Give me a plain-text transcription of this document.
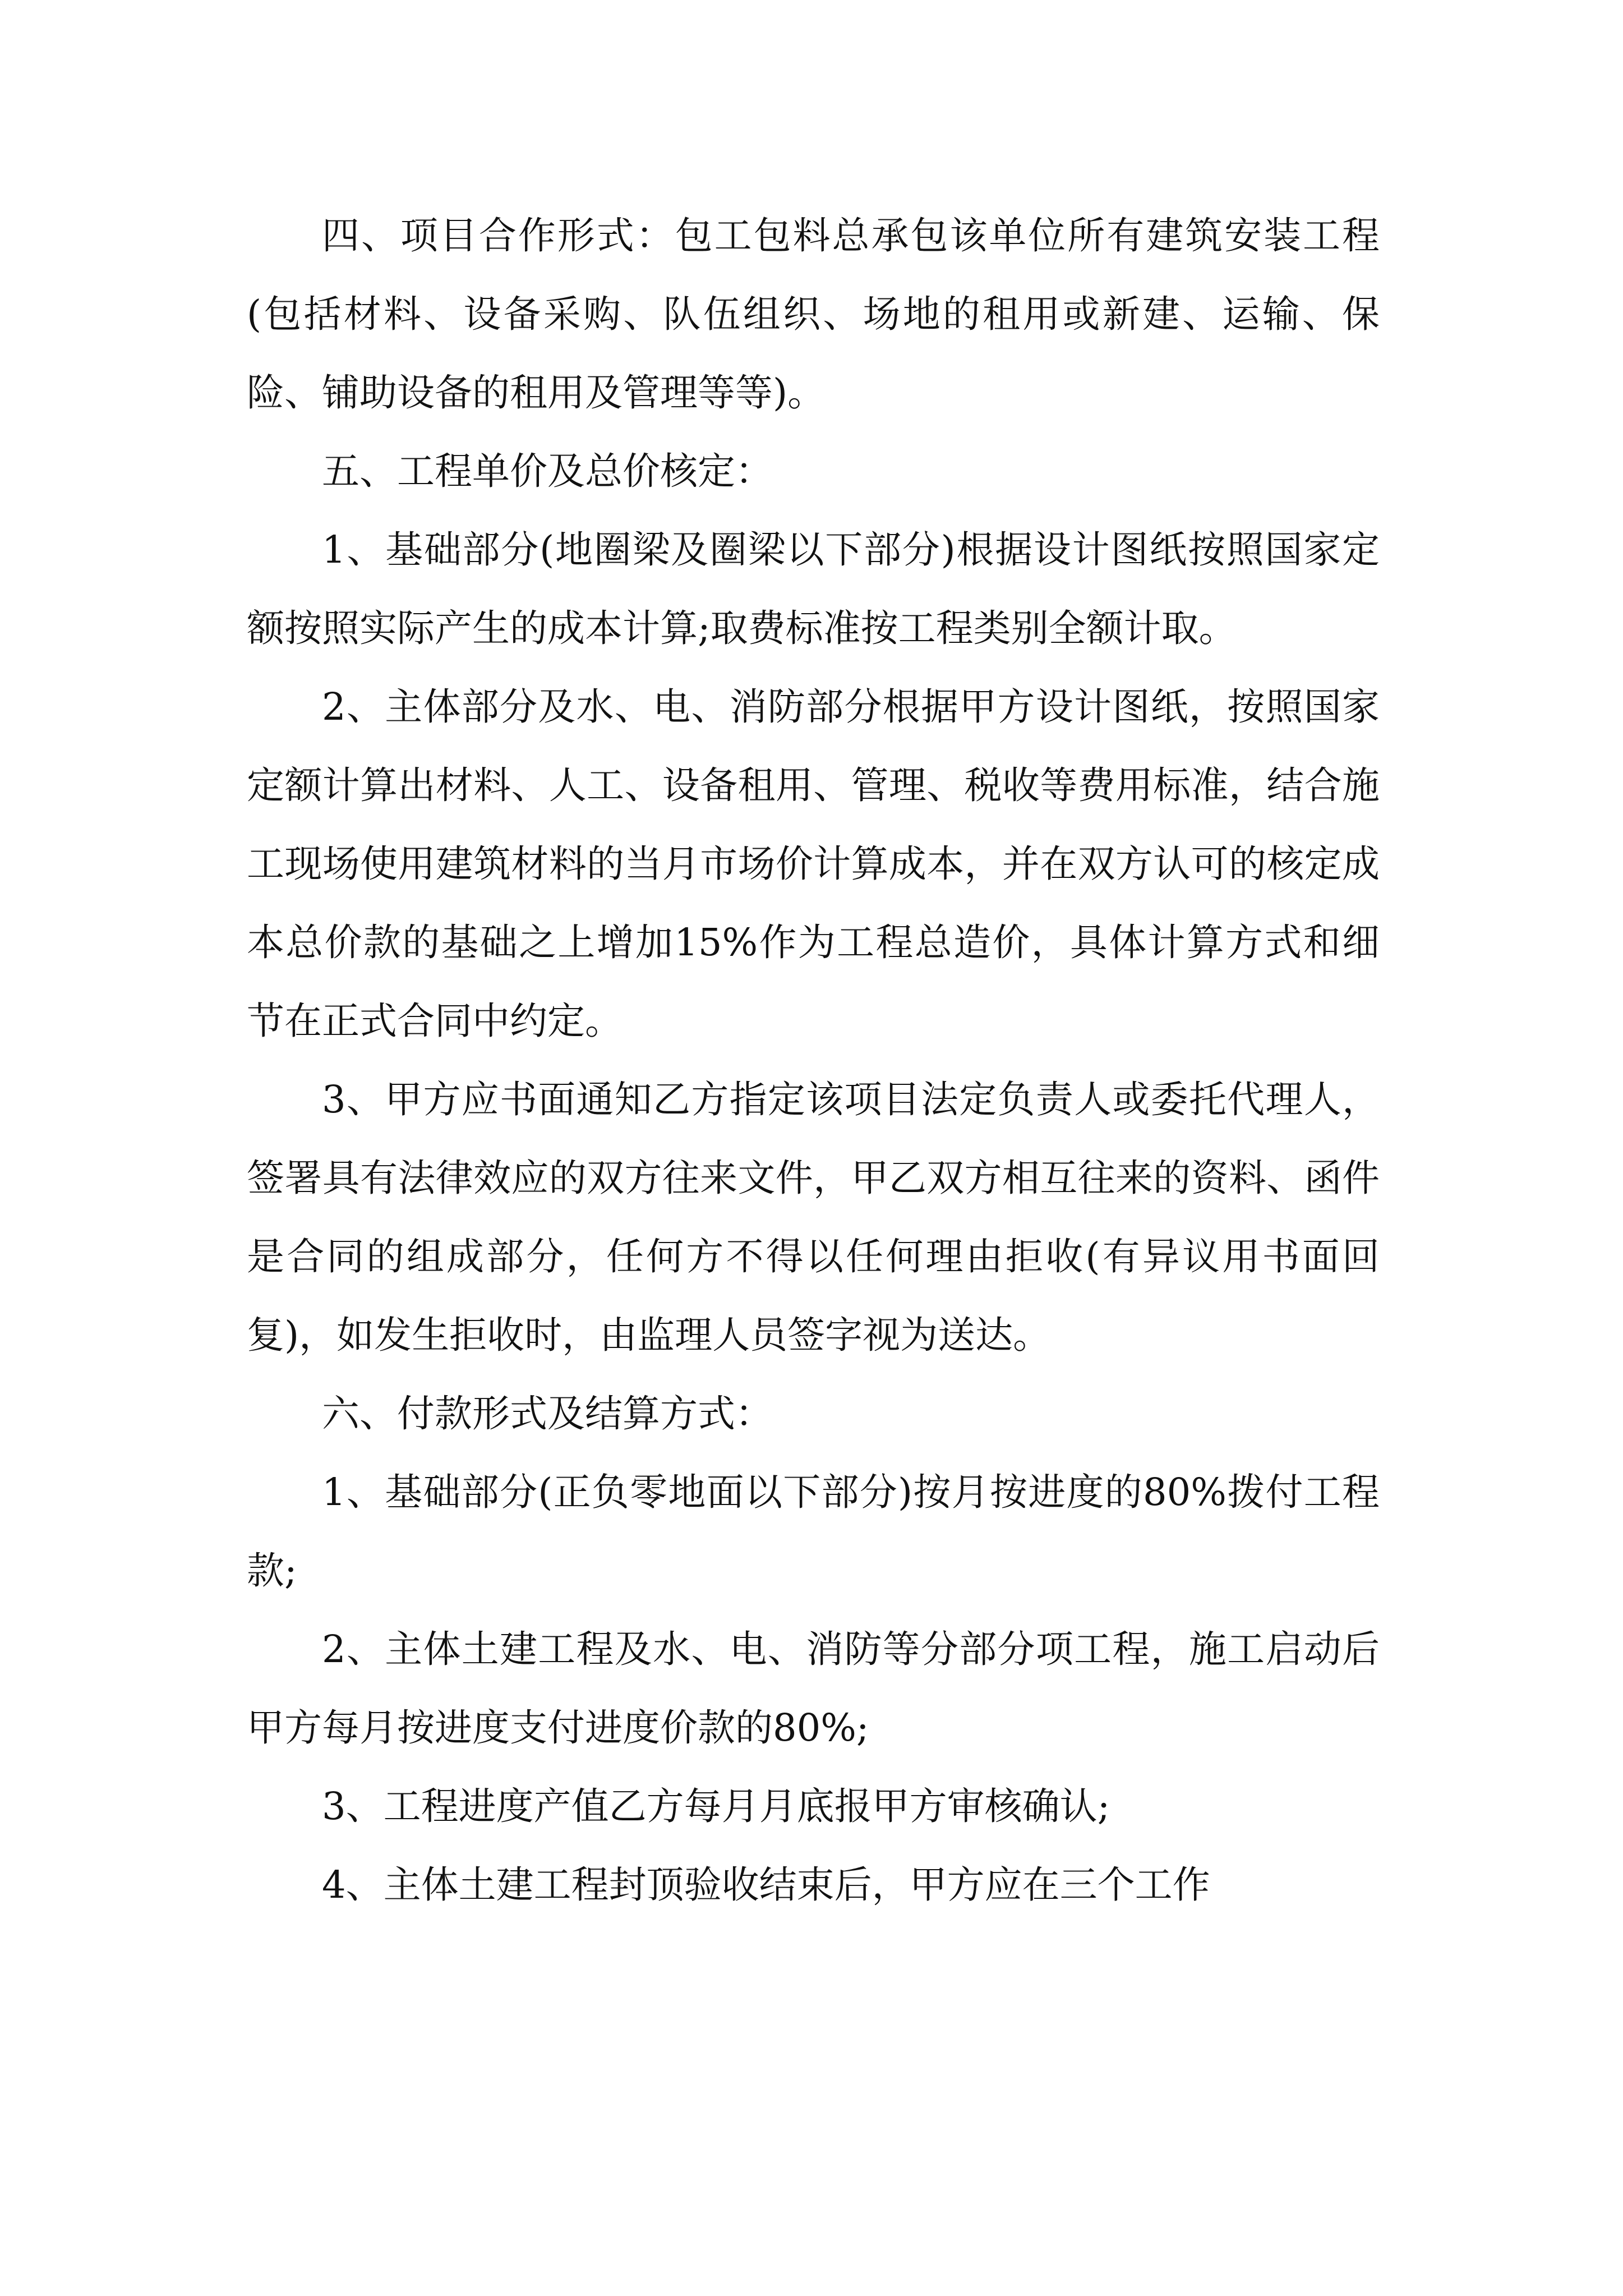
四、项目合作形式：包工包料总承包该单位所有建筑安装工程(包括材料、设备采购、队伍组织、场地的租用或新建、运输、保险、铺助设备的租用及管理等等)。

五、工程单价及总价核定：

1、基础部分(地圈梁及圈梁以下部分)根据设计图纸按照国家定额按照实际产生的成本计算;取费标准按工程类别全额计取。

2、主体部分及水、电、消防部分根据甲方设计图纸，按照国家定额计算出材料、人工、设备租用、管理、税收等费用标准，结合施工现场使用建筑材料的当月市场价计算成本，并在双方认可的核定成本总价款的基础之上增加15%作为工程总造价，具体计算方式和细节在正式合同中约定。

3、甲方应书面通知乙方指定该项目法定负责人或委托代理人，签署具有法律效应的双方往来文件，甲乙双方相互往来的资料、函件是合同的组成部分，任何方不得以任何理由拒收(有异议用书面回复)，如发生拒收时，由监理人员签字视为送达。

六、付款形式及结算方式：

1、基础部分(正负零地面以下部分)按月按进度的80%拨付工程款;

2、主体土建工程及水、电、消防等分部分项工程，施工启动后甲方每月按进度支付进度价款的80%;

3、工程进度产值乙方每月月底报甲方审核确认;

4、主体土建工程封顶验收结束后，甲方应在三个工作
